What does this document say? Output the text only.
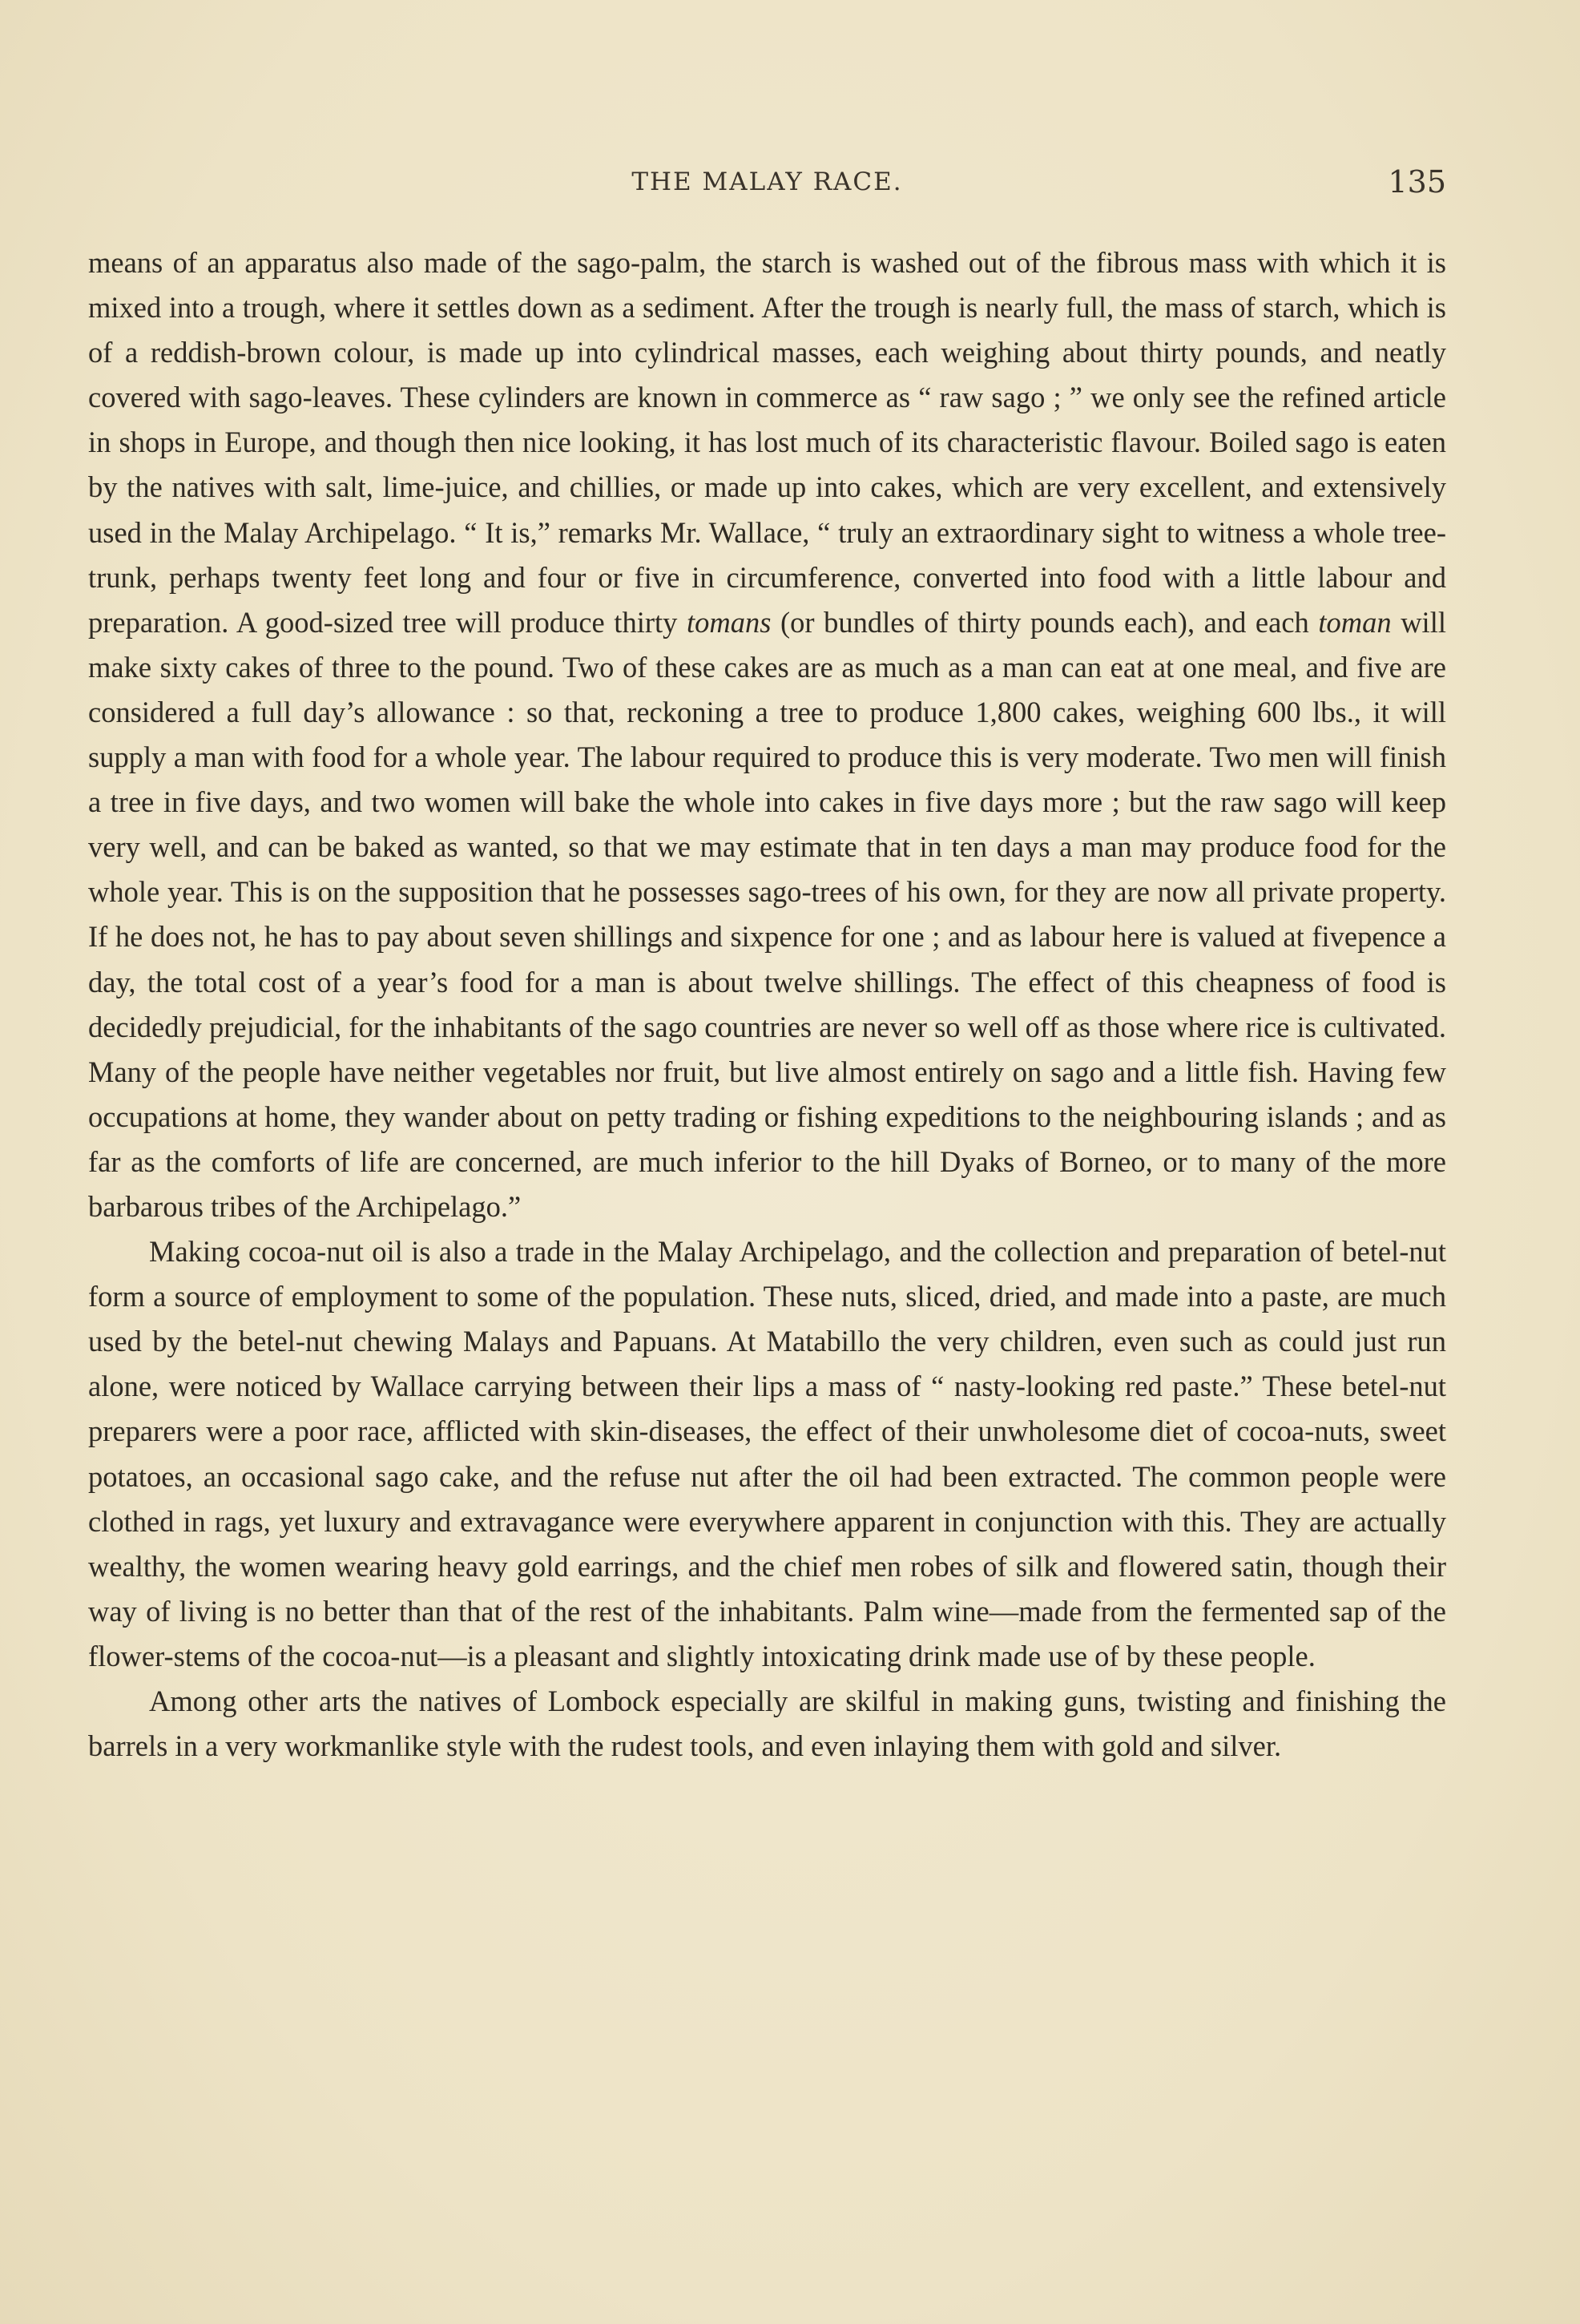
THE MALAY RACE.	135

means of an apparatus also made of the sago-palm, the starch is washed out of the fibrous mass with which it is mixed into a trough, where it settles down as a sediment. After the trough is nearly full, the mass of starch, which is of a reddish-brown colour, is made up into cylindrical masses, each weighing about thirty pounds, and neatly covered with sago-leaves. These cylinders are known in commerce as “ raw sago ; ” we only see the refined article in shops in Europe, and though then nice looking, it has lost much of its characteristic flavour. Boiled sago is eaten by the natives with salt, lime-juice, and chillies, or made up into cakes, which are very excellent, and extensively used in the Malay Archipelago. “ It is,” remarks Mr. Wallace, “ truly an extraordinary sight to witness a whole tree-trunk, perhaps twenty feet long and four or five in circumference, converted into food with a little labour and preparation. A good-sized tree will produce thirty tomans (or bundles of thirty pounds each), and each toman will make sixty cakes of three to the pound. Two of these cakes are as much as a man can eat at one meal, and five are considered a full day’s allowance : so that, reckoning a tree to produce 1,800 cakes, weighing 600 lbs., it will supply a man with food for a whole year. The labour required to produce this is very moderate. Two men will finish a tree in five days, and two women will bake the whole into cakes in five days more ; but the raw sago will keep very well, and can be baked as wanted, so that we may estimate that in ten days a man may produce food for the whole year. This is on the supposition that he possesses sago-trees of his own, for they are now all private property. If he does not, he has to pay about seven shillings and sixpence for one ; and as labour here is valued at fivepence a day, the total cost of a year’s food for a man is about twelve shillings. The effect of this cheapness of food is decidedly prejudicial, for the inhabitants of the sago countries are never so well off as those where rice is cultivated. Many of the people have neither vegetables nor fruit, but live almost entirely on sago and a little fish. Having few occupations at home, they wander about on petty trading or fishing expeditions to the neighbouring islands ; and as far as the comforts of life are concerned, are much inferior to the hill Dyaks of Borneo, or to many of the more barbarous tribes of the Archipelago.”

Making cocoa-nut oil is also a trade in the Malay Archipelago, and the collection and preparation of betel-nut form a source of employment to some of the population. These nuts, sliced, dried, and made into a paste, are much used by the betel-nut chewing Malays and Papuans. At Matabillo the very children, even such as could just run alone, were noticed by Wallace carrying between their lips a mass of “ nasty-looking red paste.” These betel-nut preparers were a poor race, afflicted with skin-diseases, the effect of their unwholesome diet of cocoa-nuts, sweet potatoes, an occasional sago cake, and the refuse nut after the oil had been extracted. The common people were clothed in rags, yet luxury and extravagance were everywhere apparent in conjunction with this. They are actually wealthy, the women wearing heavy gold earrings, and the chief men robes of silk and flowered satin, though their way of living is no better than that of the rest of the inhabitants. Palm wine—made from the fermented sap of the flower-stems of the cocoa-nut—is a pleasant and slightly intoxicating drink made use of by these people.

Among other arts the natives of Lombock especially are skilful in making guns, twisting and finishing the barrels in a very workmanlike style with the rudest tools, and even inlaying them with gold and silver.
